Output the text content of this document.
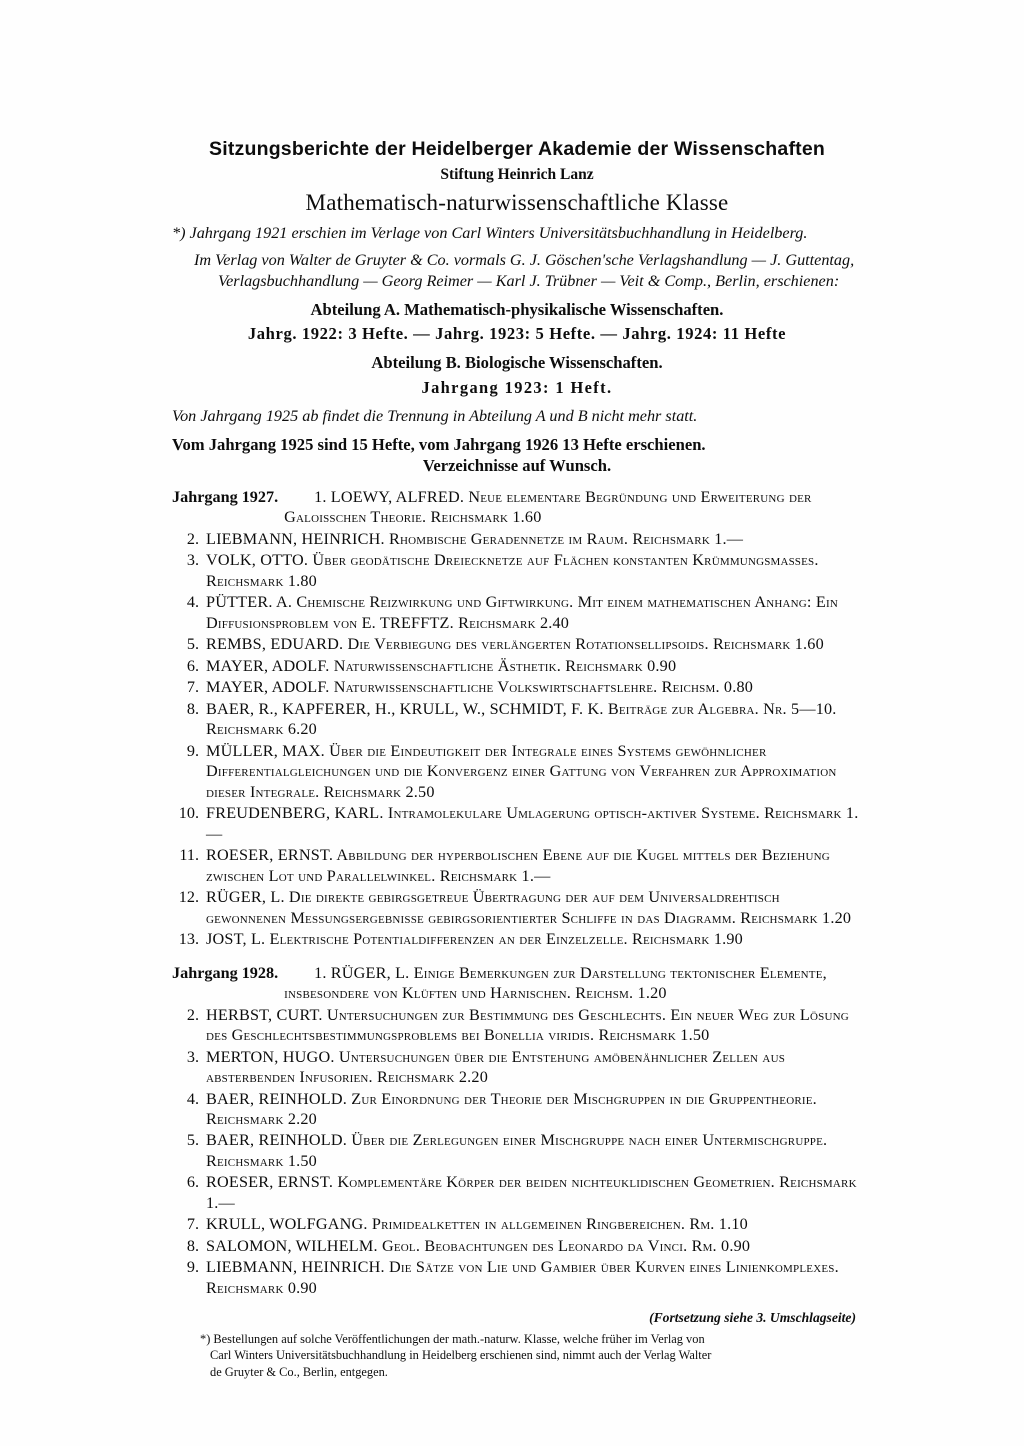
Sitzungsberichte der Heidelberger Akademie der Wissenschaften
Stiftung Heinrich Lanz
Mathematisch-naturwissenschaftliche Klasse
*) Jahrgang 1921 erschien im Verlage von Carl Winters Universitätsbuchhandlung in Heidelberg.
Im Verlag von Walter de Gruyter & Co. vormals G. J. Göschen'sche Verlagshandlung — J. Guttentag, Verlagsbuchhandlung — Georg Reimer — Karl J. Trübner — Veit & Comp., Berlin, erschienen:
Abteilung A. Mathematisch-physikalische Wissenschaften.
Jahrg. 1922: 3 Hefte. — Jahrg. 1923: 5 Hefte. — Jahrg. 1924: 11 Hefte
Abteilung B. Biologische Wissenschaften.
Jahrgang 1923: 1 Heft.
Von Jahrgang 1925 ab findet die Trennung in Abteilung A und B nicht mehr statt.
Vom Jahrgang 1925 sind 15 Hefte, vom Jahrgang 1926 13 Hefte erschienen.
Verzeichnisse auf Wunsch.
Jahrgang 1927.	1. LOEWY, ALFRED. Neue elementare Begründung und Erweiterung der Galoisschen Theorie. Reichsmark 1.60
2. LIEBMANN, HEINRICH. Rhombische Geradennetze im Raum. Reichsmark 1.—
3. VOLK, OTTO. Über geodätische Dreiecknetze auf Flächen konstanten Krümmungsmaßes. Reichsmark 1.80
4. PÜTTER. A. Chemische Reizwirkung und Giftwirkung. Mit einem mathematischen Anhang: Ein Diffusionsproblem von E. TREFFTZ. Reichsmark 2.40
5. REMBS, EDUARD. Die Verbiegung des verlängerten Rotationsellipsoids. Reichsmark 1.60
6. MAYER, ADOLF. Naturwissenschaftliche Ästhetik. Reichsmark 0.90
7. MAYER, ADOLF. Naturwissenschaftliche Volkswirtschaftslehre. Reichsm. 0.80
8. BAER, R., KAPFERER, H., KRULL, W., SCHMIDT, F. K. Beiträge zur Algebra. Nr. 5—10. Reichsmark 6.20
9. MÜLLER, MAX. Über die Eindeutigkeit der Integrale eines Systems gewöhnlicher Differentialgleichungen und die Konvergenz einer Gattung von Verfahren zur Approximation dieser Integrale. Reichsmark 2.50
10. FREUDENBERG, KARL. Intramolekulare Umlagerung optisch-aktiver Systeme. Reichsmark 1.—
11. ROESER, ERNST. Abbildung der hyperbolischen Ebene auf die Kugel mittels der Beziehung zwischen Lot und Parallelwinkel. Reichsmark 1.—
12. RÜGER, L. Die direkte gebirgsgetreue Übertragung der auf dem Universaldrehtisch gewonnenen Messungsergebnisse gebirgsorientierter Schliffe in das Diagramm. Reichsmark 1.20
13. JOST, L. Elektrische Potentialdifferenzen an der Einzelzelle. Reichsmark 1.90
Jahrgang 1928.	1. RÜGER, L. Einige Bemerkungen zur Darstellung tektonischer Elemente, insbesondere von Klüften und Harnischen. Reichsm. 1.20
2. HERBST, CURT. Untersuchungen zur Bestimmung des Geschlechts. Ein neuer Weg zur Lösung des Geschlechtsbestimmungsproblems bei Bonellia viridis. Reichsmark 1.50
3. MERTON, HUGO. Untersuchungen über die Entstehung amöbenähnlicher Zellen aus absterbenden Infusorien. Reichsmark 2.20
4. BAER, REINHOLD. Zur Einordnung der Theorie der Mischgruppen in die Gruppentheorie. Reichsmark 2.20
5. BAER, REINHOLD. Über die Zerlegungen einer Mischgruppe nach einer Untermischgruppe. Reichsmark 1.50
6. ROESER, ERNST. Komplementäre Körper der beiden nichteuklidischen Geometrien. Reichsmark 1.—
7. KRULL, WOLFGANG. Primidealketten in allgemeinen Ringbereichen. Rm. 1.10
8. SALOMON, WILHELM. Geol. Beobachtungen des Leonardo da Vinci. Rm. 0.90
9. LIEBMANN, HEINRICH. Die Sätze von Lie und Gambier über Kurven eines Linienkomplexes. Reichsmark 0.90
(Fortsetzung siehe 3. Umschlagseite)
*) Bestellungen auf solche Veröffentlichungen der math.-naturw. Klasse, welche früher im Verlag von
Carl Winters Universitätsbuchhandlung in Heidelberg erschienen sind, nimmt auch der Verlag Walter
de Gruyter & Co., Berlin, entgegen.
